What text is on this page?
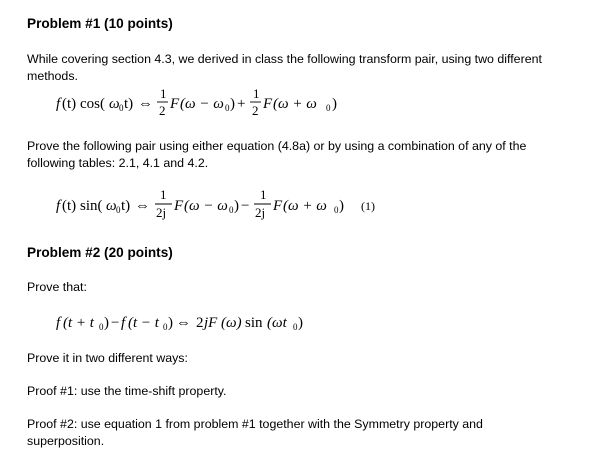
Problem #1 (10 points)
While covering section 4.3, we derived in class the following transform pair, using two different
methods.
f (t) cos( ω 0 t) ⇔
1
2 F (ω − ω 0 ) +
1
2 F (ω + ω 0 )
Prove the following pair using either equation (4.8a) or by using a combination of any of the
following tables: 2.1, 4.1 and 4.2.
f (t) sin( ω 0 t) ⇔
1
2j F (ω − ω 0 ) −
1
2j F (ω + ω 0 ) (1)
Problem #2 (20 points)
Prove that:
f (t + t 0 ) − f (t − t 0 ) ⇔ 2 jF (ω) sin (ωt 0 )
Prove it in two different ways:
Proof #1: use the time-shift property.
Proof #2: use equation 1 from problem #1 together with the Symmetry property and
superposition.
